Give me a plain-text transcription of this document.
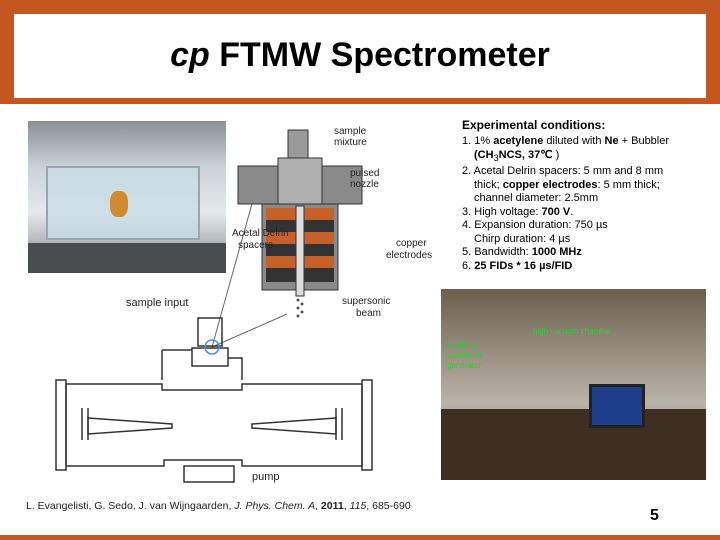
cp FTMW Spectrometer
sample
mixture
pulsed
nozzle
Acetal Delrin
spacers	copper
electrodes
supersonic
beam
sample input
pump
Experimental conditions:
1. 1% acetylene diluted with Ne + Bubbler
($CH_3NCS$, 37℃ )
2. Acetal Delrin spacers: 5 mm and 8 mm
thick; copper electrodes: 5 mm thick;
channel diameter: 2.5mm
3. High voltage: 700 V.
4. Expansion duration: 750 µs
Chirp duration: 4 µs
5. Bandwidth: 1000 MHz
6. 25 FIDs * 16 µs/FID
high vacuum chamber
Arbitrary
waveform
generator
L. Evangelisti, G. Sedo, J. van Wijngaarden, J. Phys. Chem. A, 2011, 115, 685-690
5
